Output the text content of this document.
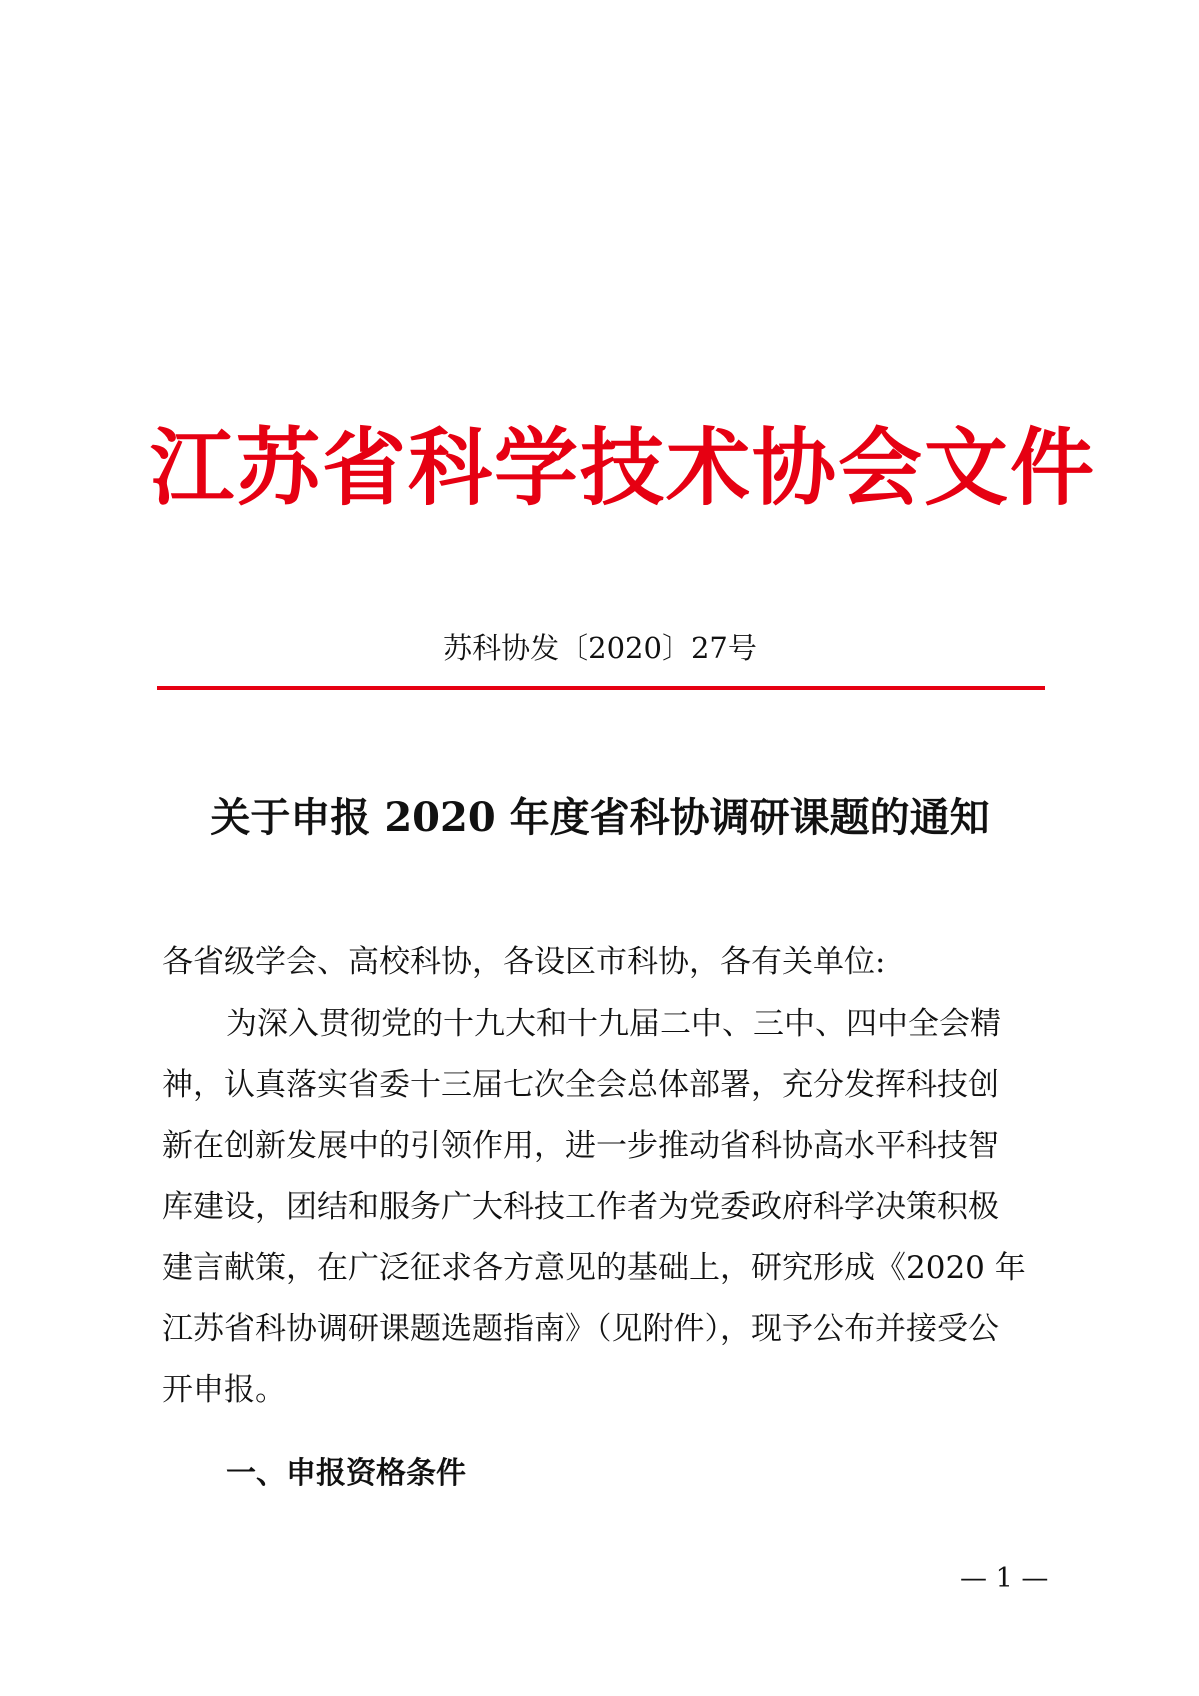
江苏省科学技术协会文件
苏科协发〔2020〕27号
关于申报 2020 年度省科协调研课题的通知
各省级学会、高校科协，各设区市科协，各有关单位:
为深入贯彻党的十九大和十九届二中、三中、四中全会精
神，认真落实省委十三届七次全会总体部署，充分发挥科技创
新在创新发展中的引领作用，进一步推动省科协高水平科技智
库建设，团结和服务广大科技工作者为党委政府科学决策积极
建言献策，在广泛征求各方意见的基础上，研究形成《2020 年
江苏省科协调研课题选题指南》（见附件），现予公布并接受公
开申报。
一、申报资格条件
— 1 —
